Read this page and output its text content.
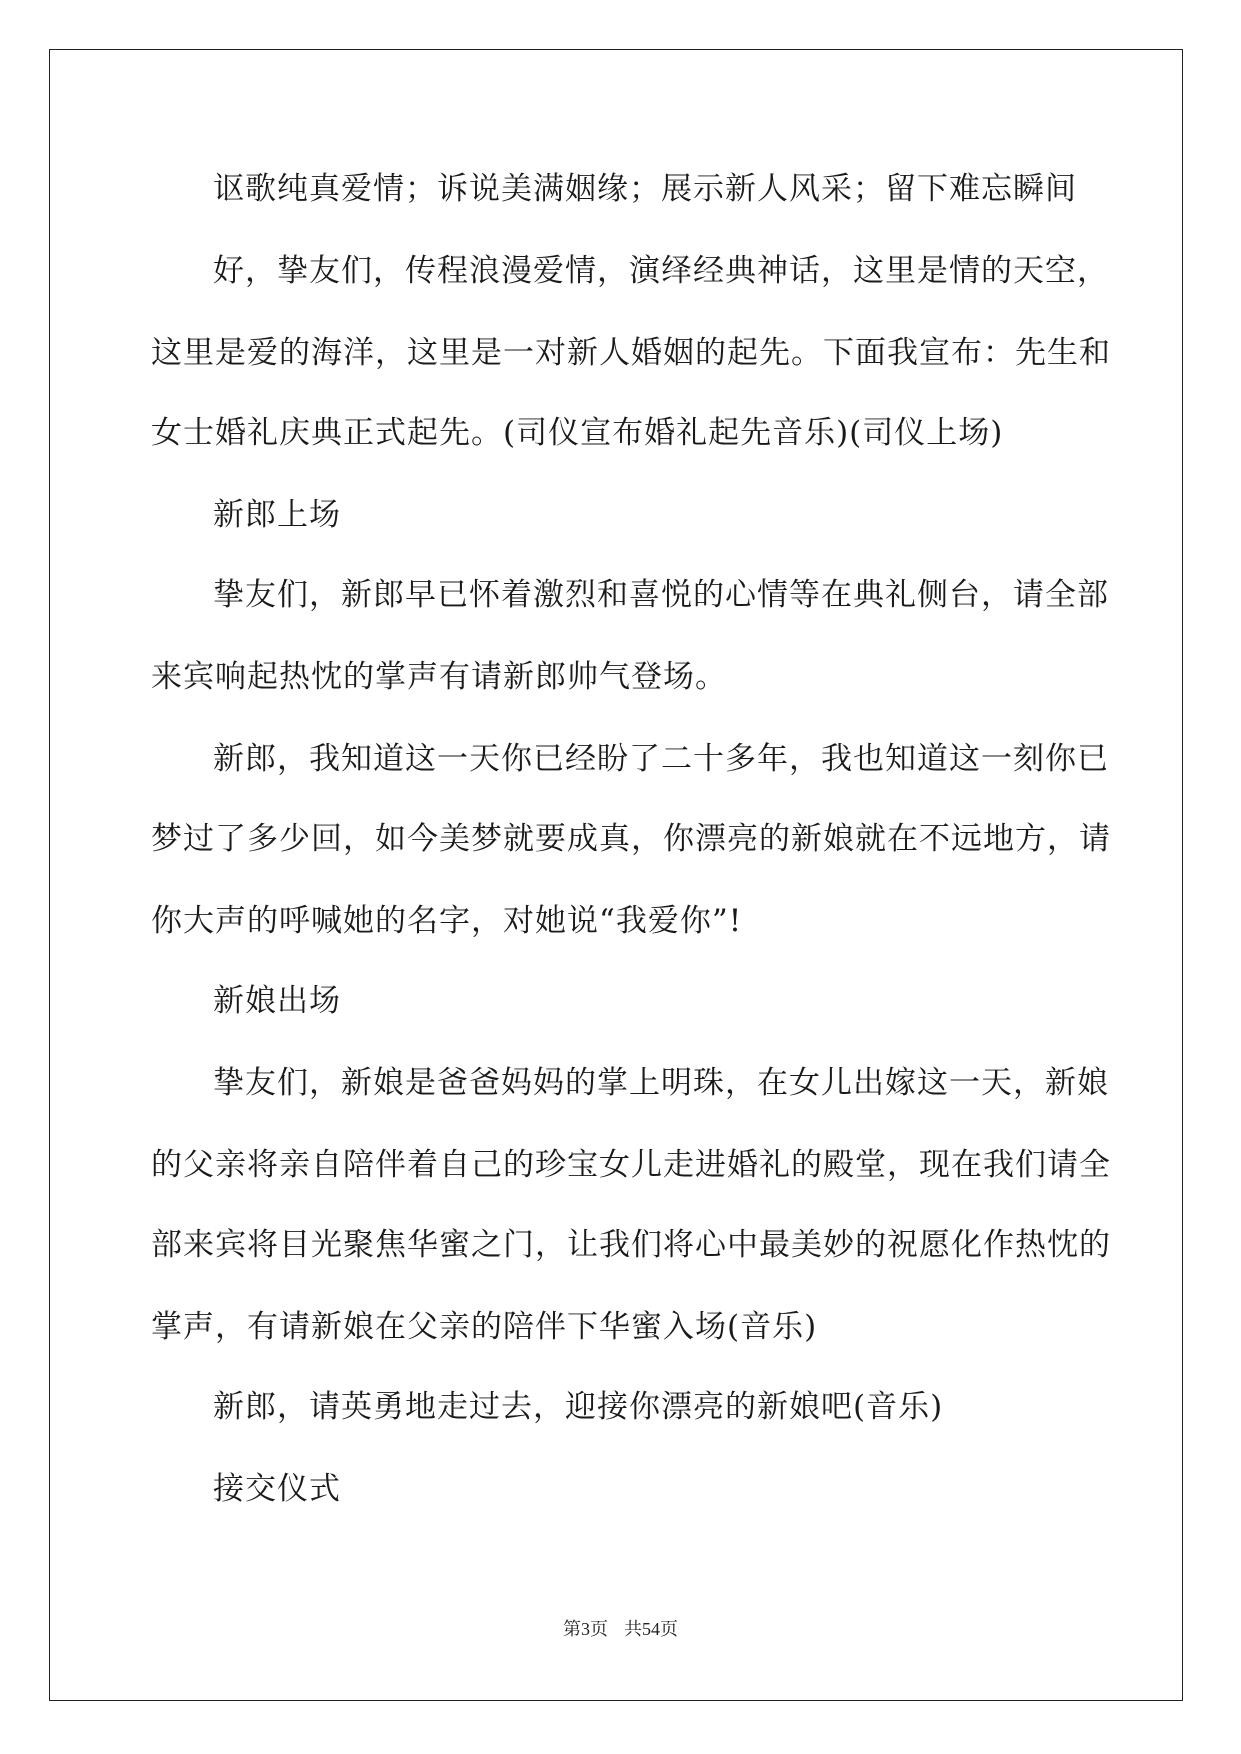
讴歌纯真爱情；诉说美满姻缘；展示新人风采；留下难忘瞬间
好，挚友们，传程浪漫爱情，演绎经典神话，这里是情的天空，
这里是爱的海洋，这里是一对新人婚姻的起先。下面我宣布：先生和
女士婚礼庆典正式起先。(司仪宣布婚礼起先音乐)(司仪上场)
新郎上场
挚友们，新郎早已怀着激烈和喜悦的心情等在典礼侧台，请全部
来宾响起热忱的掌声有请新郎帅气登场。
新郎，我知道这一天你已经盼了二十多年，我也知道这一刻你已
梦过了多少回，如今美梦就要成真，你漂亮的新娘就在不远地方，请
你大声的呼喊她的名字，对她说“我爱你”!
新娘出场
挚友们，新娘是爸爸妈妈的掌上明珠，在女儿出嫁这一天，新娘
的父亲将亲自陪伴着自己的珍宝女儿走进婚礼的殿堂，现在我们请全
部来宾将目光聚焦华蜜之门，让我们将心中最美妙的祝愿化作热忱的
掌声，有请新娘在父亲的陪伴下华蜜入场(音乐)
新郎，请英勇地走过去，迎接你漂亮的新娘吧(音乐)
接交仪式
第3页 共54页
